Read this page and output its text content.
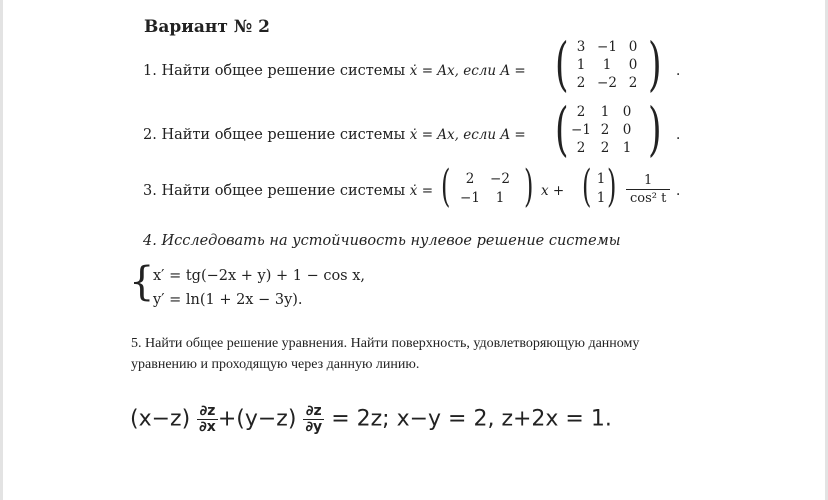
Вариант № 2
1. Найти общее решение системы ẋ = Ax, если A = ( 3 −1 0
1	1	0
2 −2 2 ) .
2. Найти общее решение системы ẋ = Ax, если A = ( 2	1 0
−1 2 0
2	2 1 ) .
3. Найти общее решение системы ẋ = (	2	−2
−1	1 ) x + ( 1
1 ) $\frac{1}{\text{cos² t}}$ .
4. Исследовать на устойчивость нулевое решение системы
{
x′ = tg(−2x + y) + 1 − cos x,
y′ = ln(1 + 2x − 3y).
5. Найти общее решение уравнения. Найти поверхность, удовлетворяющую данному
уравнению и проходящую через данную линию.
$(x-z) \frac{\partial z}{\partial x} +(y-z) \frac{\partial z}{\partial y} = 2z$; x−y = 2, z+2x = 1.
